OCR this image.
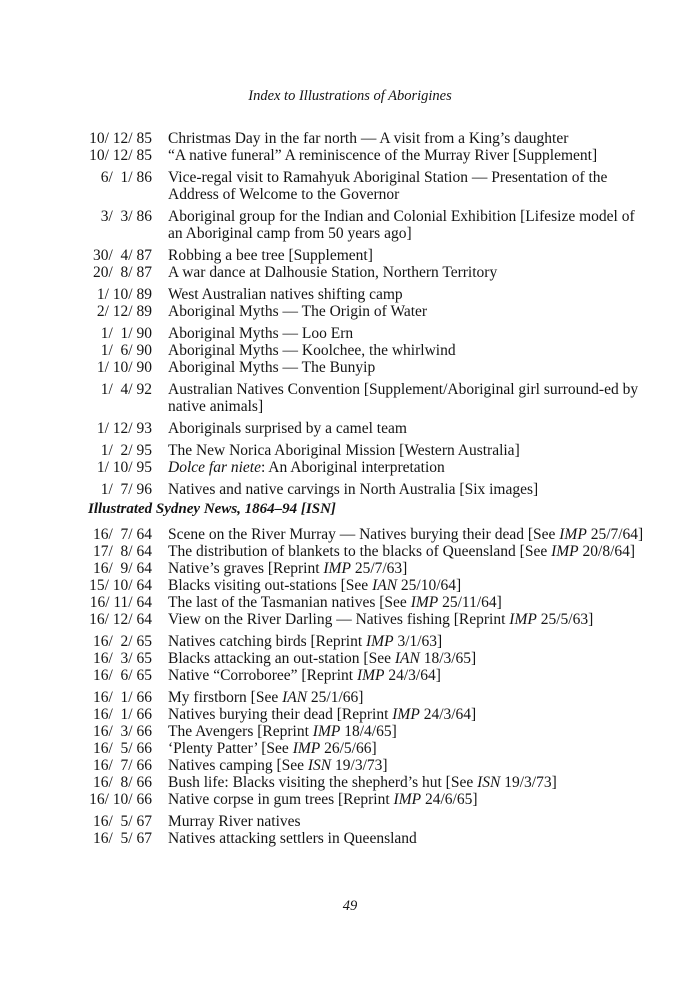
Index to Illustrations of Aborigines
10/ 12/ 85	Christmas Day in the far north — A visit from a King’s daughter
10/ 12/ 85	“A native funeral” A reminiscence of the Murray River [Supplement]
6/  1/ 86	Vice-regal visit to Ramahyuk Aboriginal Station — Presentation of the Address of Welcome to the Governor
3/  3/ 86	Aboriginal group for the Indian and Colonial Exhibition [Lifesize model of an Aboriginal camp from 50 years ago]
30/  4/ 87	Robbing a bee tree [Supplement]
20/  8/ 87	A war dance at Dalhousie Station, Northern Territory
1/ 10/ 89	West Australian natives shifting camp
2/ 12/ 89	Aboriginal Myths — The Origin of Water
1/  1/ 90	Aboriginal Myths — Loo Ern
1/  6/ 90	Aboriginal Myths — Koolchee, the whirlwind
1/ 10/ 90	Aboriginal Myths — The Bunyip
1/  4/ 92	Australian Natives Convention [Supplement/Aboriginal girl surround-ed by native animals]
1/ 12/ 93	Aboriginals surprised by a camel team
1/  2/ 95	The New Norica Aboriginal Mission [Western Australia]
1/ 10/ 95	Dolce far niete: An Aboriginal interpretation
1/  7/ 96	Natives and native carvings in North Australia [Six images]
Illustrated Sydney News, 1864–94 [ISN]
16/  7/ 64	Scene on the River Murray — Natives burying their dead [See IMP 25/7/64]
17/  8/ 64	The distribution of blankets to the blacks of Queensland [See IMP 20/8/64]
16/  9/ 64	Native’s graves [Reprint IMP 25/7/63]
15/ 10/ 64	Blacks visiting out-stations [See IAN 25/10/64]
16/ 11/ 64	The last of the Tasmanian natives [See IMP 25/11/64]
16/ 12/ 64	View on the River Darling — Natives fishing [Reprint IMP 25/5/63]
16/  2/ 65	Natives catching birds [Reprint IMP 3/1/63]
16/  3/ 65	Blacks attacking an out-station [See IAN 18/3/65]
16/  6/ 65	Native “Corroboree” [Reprint IMP 24/3/64]
16/  1/ 66	My firstborn [See IAN 25/1/66]
16/  1/ 66	Natives burying their dead [Reprint IMP 24/3/64]
16/  3/ 66	The Avengers [Reprint IMP 18/4/65]
16/  5/ 66	‘Plenty Patter’ [See IMP 26/5/66]
16/  7/ 66	Natives camping [See ISN 19/3/73]
16/  8/ 66	Bush life: Blacks visiting the shepherd’s hut [See ISN 19/3/73]
16/ 10/ 66	Native corpse in gum trees [Reprint IMP 24/6/65]
16/  5/ 67	Murray River natives
16/  5/ 67	Natives attacking settlers in Queensland
49
